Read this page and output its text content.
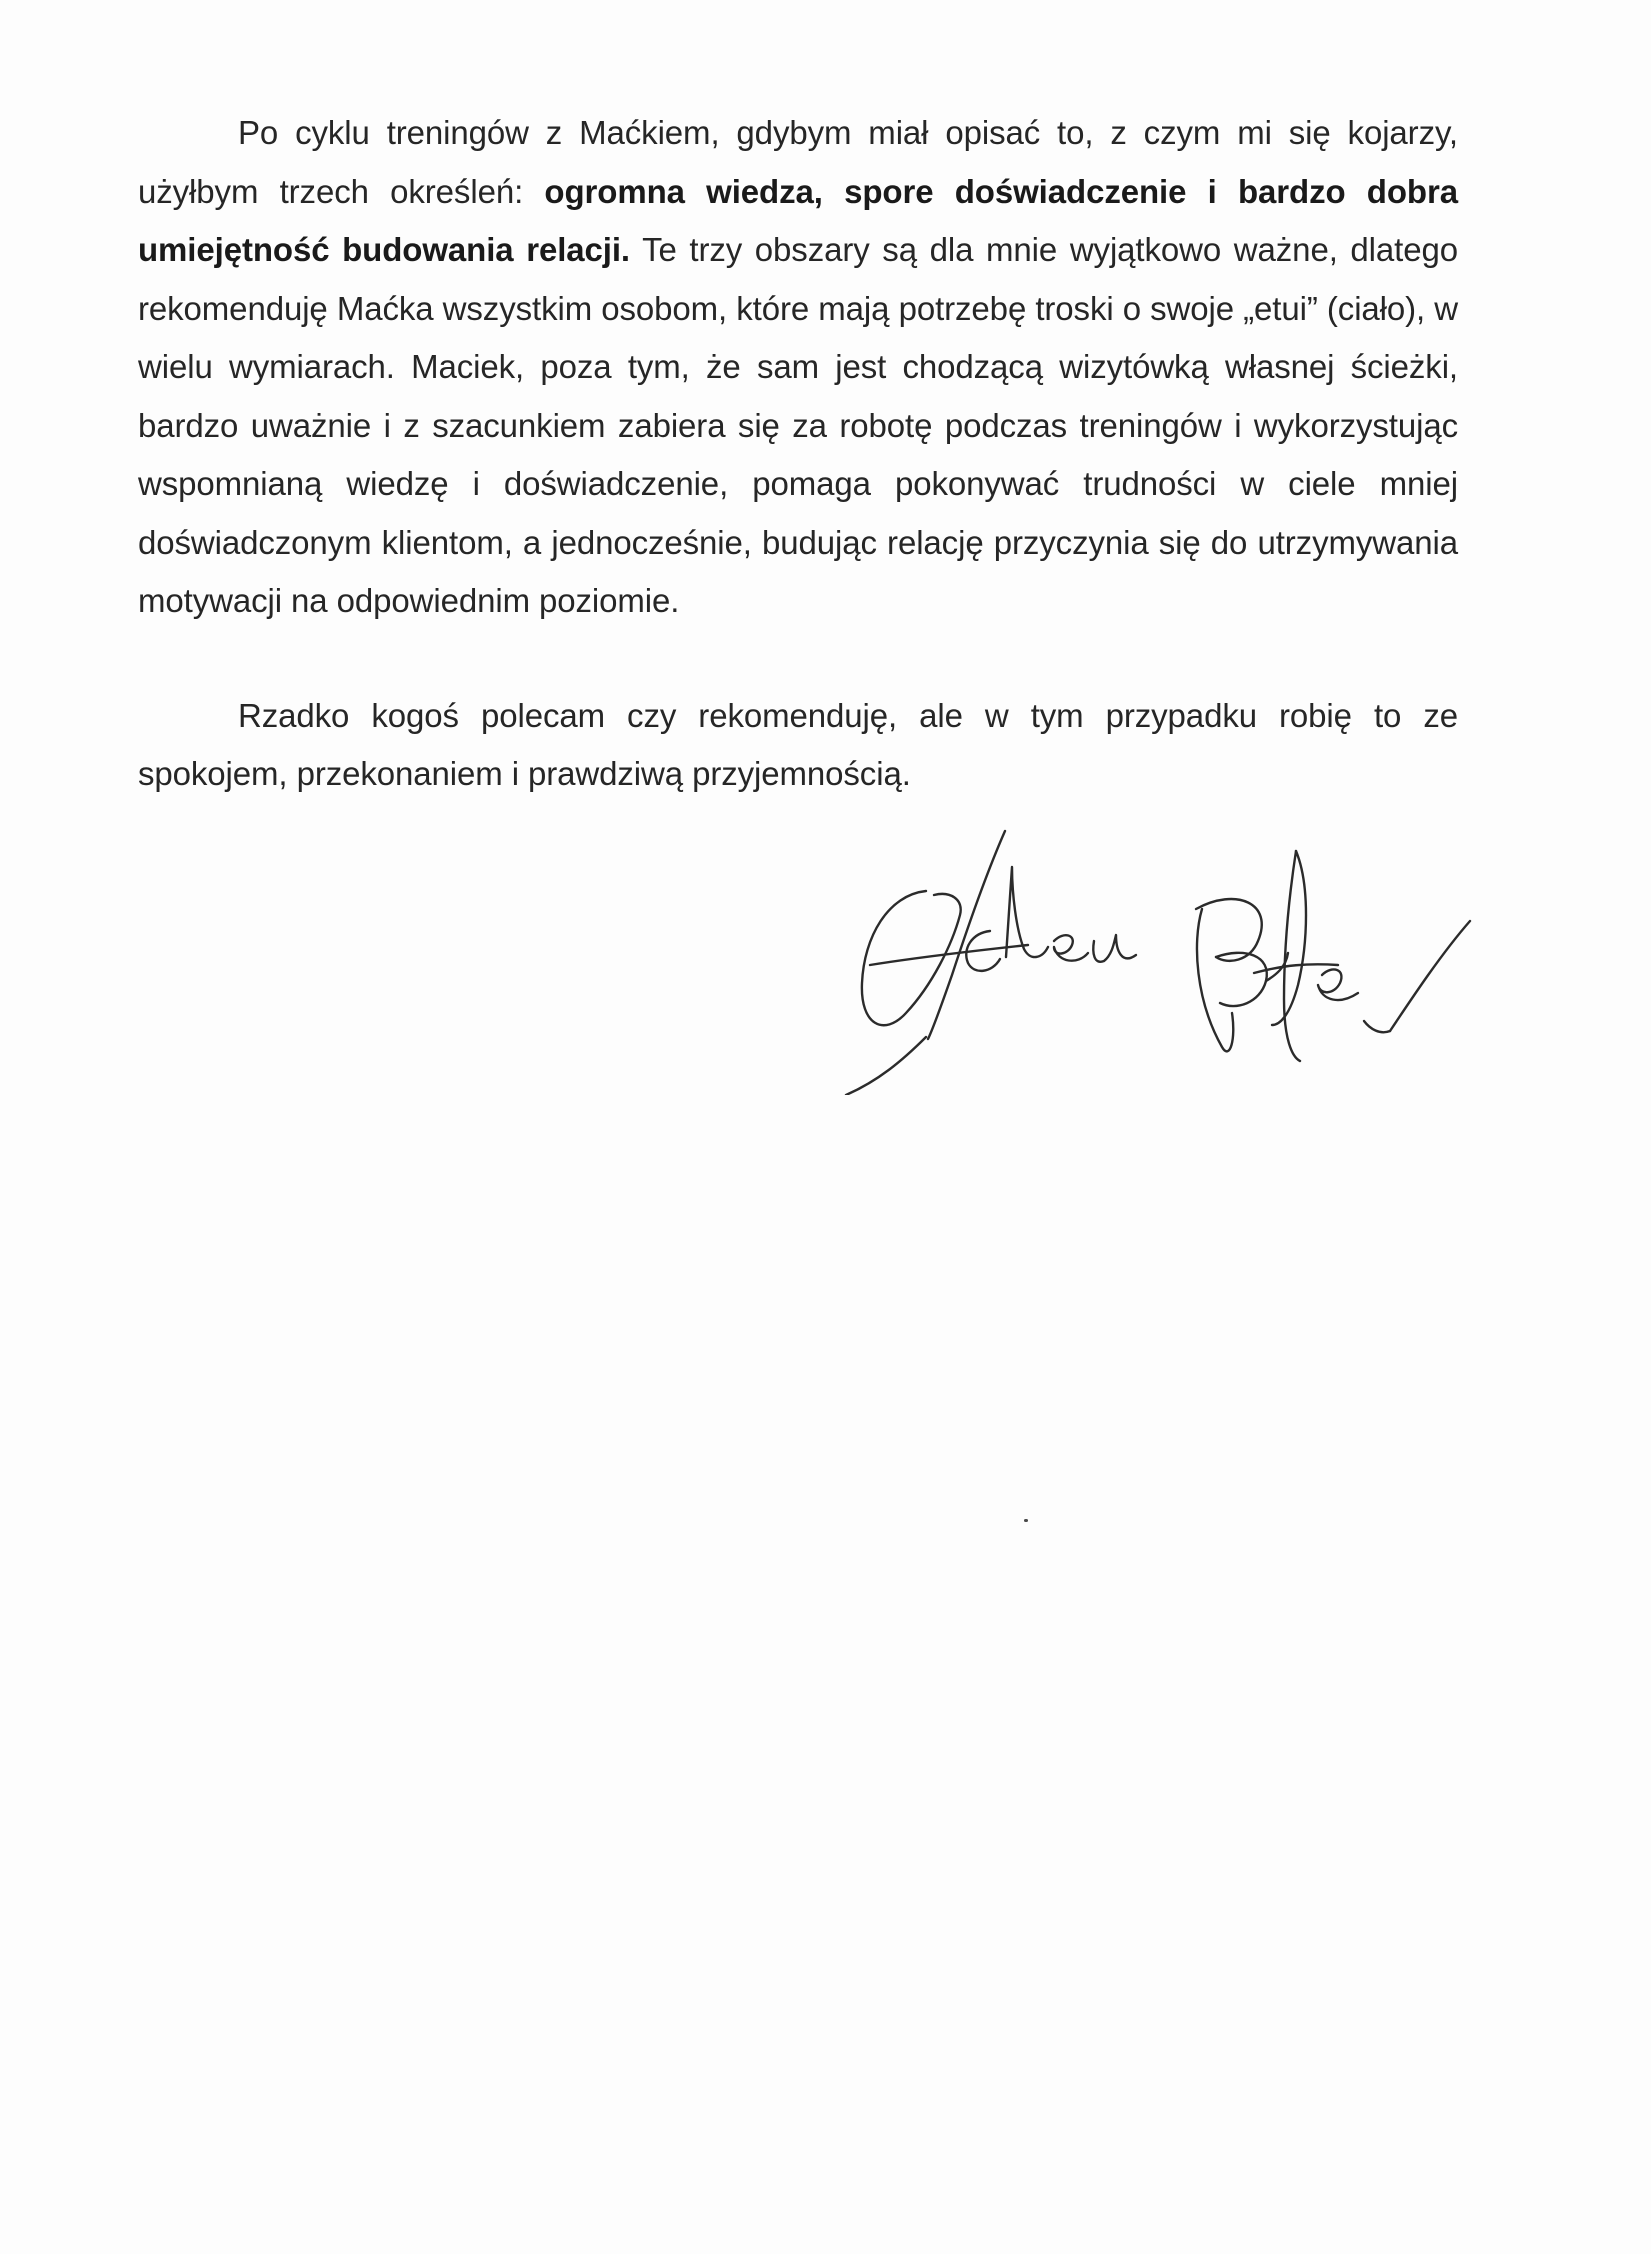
Po cyklu treningów z Maćkiem, gdybym miał opisać to, z czym mi się kojarzy, użyłbym trzech określeń: ogromna wiedza, spore doświadczenie i bardzo dobra umiejętność budowania relacji. Te trzy obszary są dla mnie wyjątkowo ważne, dlatego rekomenduję Maćka wszystkim osobom, które mają potrzebę troski o swoje „etui” (ciało), w wielu wymiarach. Maciek, poza tym, że sam jest chodzącą wizytówką własnej ścieżki, bardzo uważnie i z szacunkiem zabiera się za robotę podczas treningów i wykorzystując wspomnianą wiedzę i doświadczenie, pomaga pokonywać trudności w ciele mniej doświadczonym klientom, a jednocześnie, budując relację przyczynia się do utrzymywania motywacji na odpowiednim poziomie.

Rzadko kogoś polecam czy rekomenduję, ale w tym przypadku robię to ze spokojem, przekonaniem i prawdziwą przyjemnością.
